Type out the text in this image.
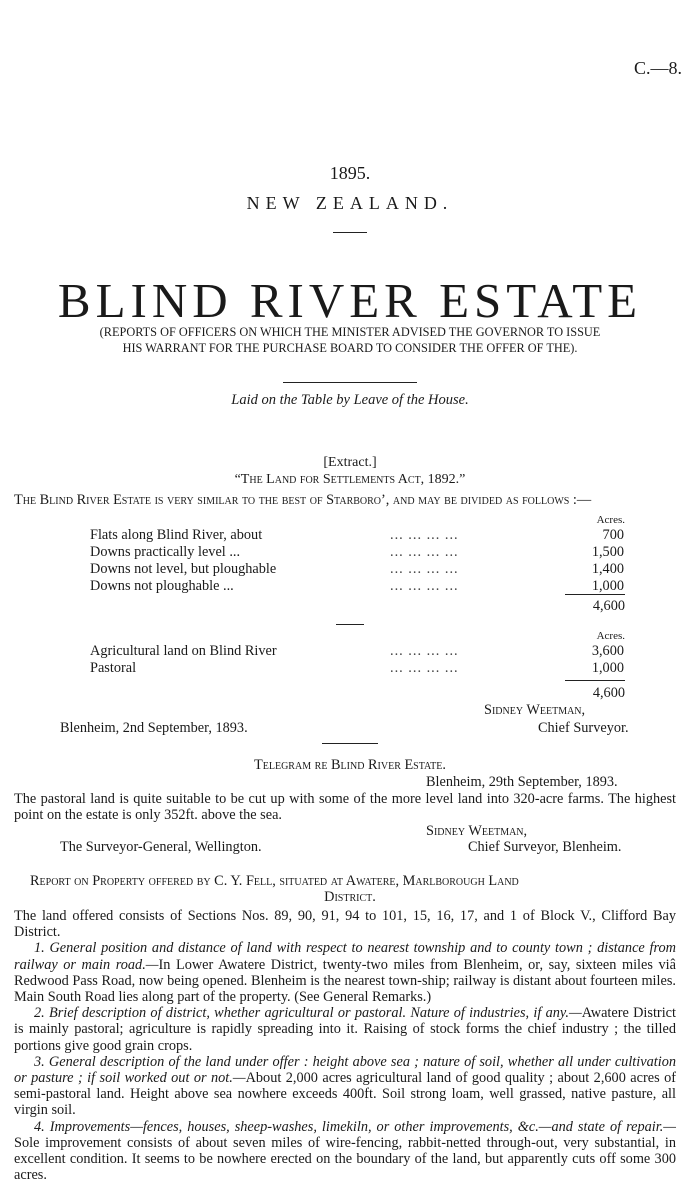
C.—8.
1895.
NEW ZEALAND.
BLIND RIVER ESTATE
(REPORTS OF OFFICERS ON WHICH THE MINISTER ADVISED THE GOVERNOR TO ISSUE
HIS WARRANT FOR THE PURCHASE BOARD TO CONSIDER THE OFFER OF THE).
Laid on the Table by Leave of the House.
[Extract.]
“The Land for Settlements Act, 1892.”
The Blind River Estate is very similar to the best of Starboro’, and may be divided as follows :—
Acres.
Flats along Blind River, about	... ... ... ...	700
Downs practically level ...	... ... ... ...	1,500
Downs not level, but ploughable	... ... ... ...	1,400
Downs not ploughable ...	... ... ... ...	1,000
4,600
Acres.
Agricultural land on Blind River	... ... ... ...	3,600
Pastoral	... ... ... ...	1,000
4,600
Sidney Weetman,
Blenheim, 2nd September, 1893.	Chief Surveyor.
Telegram re Blind River Estate.
Blenheim, 29th September, 1893.
The pastoral land is quite suitable to be cut up with some of the more level land into 320-acre farms. The highest point on the estate is only 352ft. above the sea.
Sidney Weetman,
The Surveyor-General, Wellington.	Chief Surveyor, Blenheim.
Report on Property offered by C. Y. Fell, situated at Awatere, Marlborough Land
District.
The land offered consists of Sections Nos. 89, 90, 91, 94 to 101, 15, 16, 17, and 1 of Block V., Clifford Bay District.
1. General position and distance of land with respect to nearest township and to county town ; distance from railway or main road.—In Lower Awatere District, twenty-two miles from Blenheim, or, say, sixteen miles viâ Redwood Pass Road, now being opened. Blenheim is the nearest town-ship; railway is distant about fourteen miles. Main South Road lies along part of the property. (See General Remarks.)
2. Brief description of district, whether agricultural or pastoral. Nature of industries, if any.—Awatere District is mainly pastoral; agriculture is rapidly spreading into it. Raising of stock forms the chief industry ; the tilled portions give good grain crops.
3. General description of the land under offer : height above sea ; nature of soil, whether all under cultivation or pasture ; if soil worked out or not.—About 2,000 acres agricultural land of good quality ; about 2,600 acres of semi-pastoral land. Height above sea nowhere exceeds 400ft. Soil strong loam, well grassed, native pasture, all virgin soil.
4. Improvements—fences, houses, sheep-washes, limekiln, or other improvements, &c.—and state of repair.—Sole improvement consists of about seven miles of wire-fencing, rabbit-netted through-out, very substantial, in excellent condition. It seems to be nowhere erected on the boundary of the land, but apparently cuts off some 300 acres.
